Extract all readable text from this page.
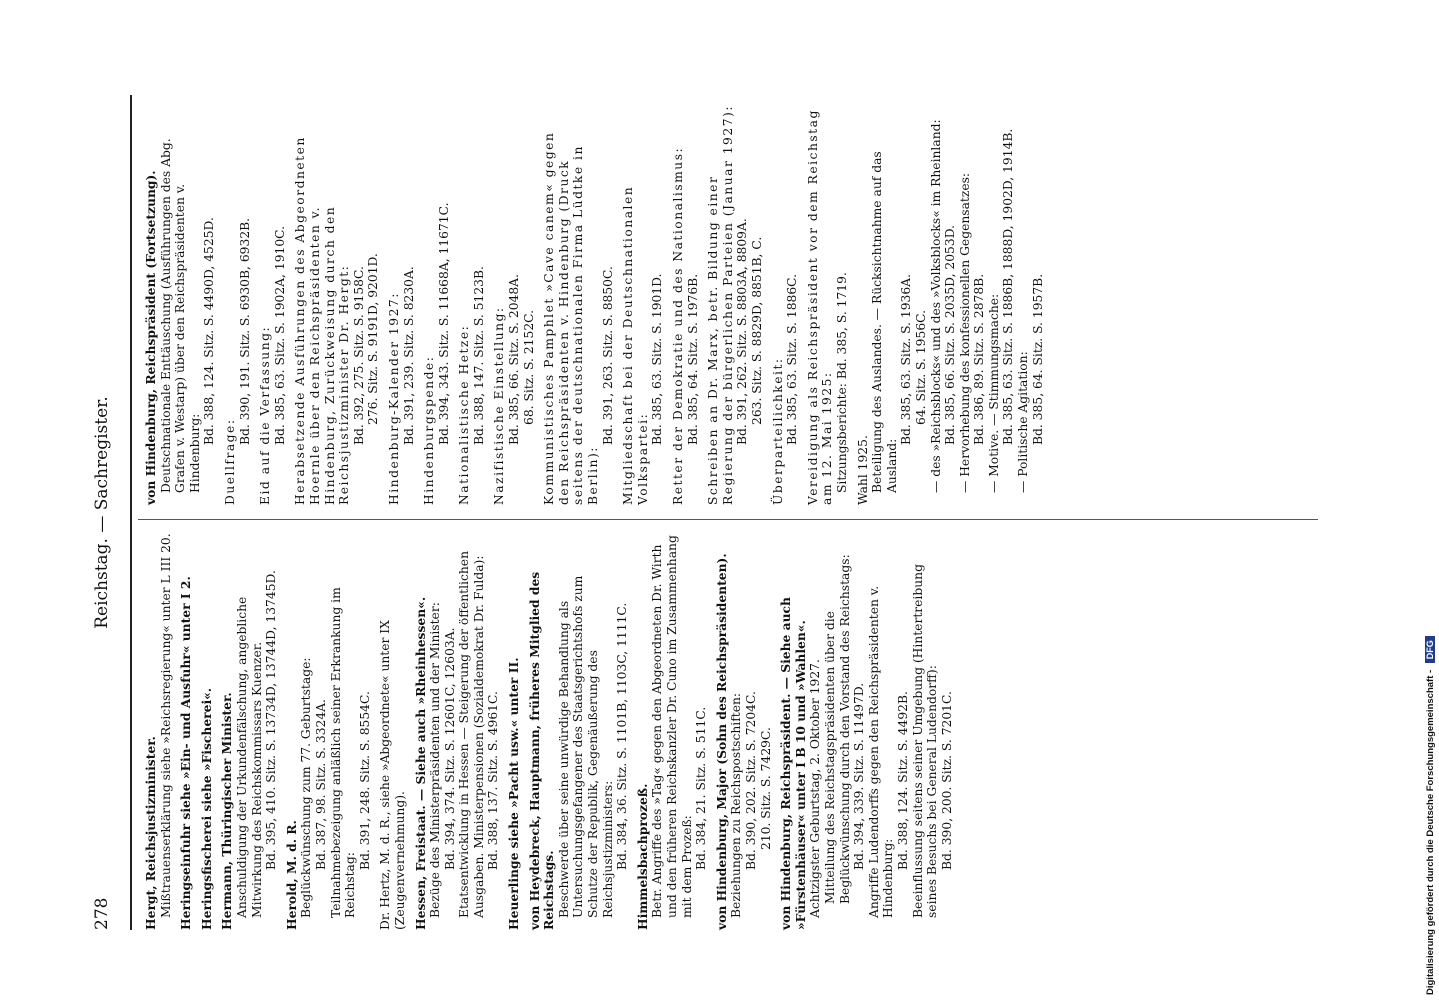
278
Reichstag. — Sachregister.
Hergt, Reichsjustizminister. Mißtrauenserklärung siehe »Reichsregierung« unter L III 20. Heringseinfuhr siehe »Ein- und Ausfuhr« unter I 2. Heringsfischerei siehe »Fischerei«. Hermann, Thüringischer Minister. Anschuldigung der Urkundenfälschung, angebliche Mitwirkung des Reichskommissars Kuenzer. Bd. 395, 410. Sitz. S. 13734D, 13744D, 13745D.
Herold, M. d. R. Beglückwünschung zum 77. Geburtstage: Bd. 387, 98. Sitz. S. 3324A. Teilnahmebezeigung anläßlich seiner Erkrankung im Reichstag:
Bd. 391, 248. Sitz. S. 8554C. Dr. Hertz, M. d. R., siehe »Abgeordnete« unter IX (Zeugenvernehmung). Hessen, Freistaat. — Siehe auch »Rheinhessen«. Bezüge des Ministerpräsidenten und der Minister: Bd. 394, 374. Sitz. S. 12601C, 12603A. Etatsentwicklung in Hessen — Steigerung der öffentlichen Ausgaben. Ministerpensionen (Sozialdemokrat Dr. Fulda): Bd. 388, 137. Sitz. S. 4961C. Heuerlinge siehe »Pacht usw.« unter II. von Heydebreck, Hauptmann, früheres Mitglied des Reichstags. Beschwerde über seine unwürdige Behandlung als Untersuchungsgefangener des Staatsgerichtshofs zum Schutze der Republik, Gegenäußerung des Reichsjustizministers: Bd. 384, 36. Sitz. S. 1101B, 1103C, 1111C. Himmelsbachprozeß. Betr. Angriffe des »Tag« gegen den Abgeordneten Dr. Wirth und den früheren Reichskanzler Dr. Cuno im Zusammenhang mit dem Prozeß: Bd. 384, 21. Sitz. S. 511C. von Hindenburg, Major (Sohn des Reichspräsidenten). Beziehungen zu Reichspostschiften: Bd. 390, 202. Sitz. S. 7204C. 210. Sitz. S. 7429C. von Hindenburg, Reichspräsident. — Siehe auch »Fürstenhäuser« unter I B 10 und »Wahlen«. Achtzigster Geburtstag, 2. Oktober 1927. Mitteilung des Reichstagspräsidenten über die Beglückwünschung durch den Vorstand des Reichstags: Bd. 394, 339. Sitz. S. 11497D. Angriffe Ludendorffs gegen den Reichspräsidenten v. Hindenburg:
Bd. 388, 124. Sitz. S. 4492B. Beeinflussung seitens seiner Umgebung (Hintertreibung seines Besuchs bei General Ludendorff): Bd. 390, 200. Sitz. S. 7201C.
von Hindenburg, Reichspräsident (Fortsetzung). Deutschnationale Enttäuschung (Ausführungen des Abg. Grafen v. Westarp) über den Reichspräsidenten v. Hindenburg:
Bd. 388, 124. Sitz. S. 4490D, 4525D.
Duellfrage:
Bd. 390, 191. Sitz. S. 6930B, 6932B. Eid auf die Verfassung: Bd. 385, 63. Sitz. S. 1902A, 1910C. Herabsetzende Ausführungen des Abgeordneten Hoernle über den Reichspräsidenten v. Hindenburg, Zurückweisung durch den Reichsjustizminister Dr. Hergt: Bd. 392, 275. Sitz. S. 9158C. 276. Sitz. S. 9191D, 9201D. Hindenburg-Kalender 1927: Bd. 391, 239. Sitz. S. 8230A. Hindenburgspende: Bd. 394, 343. Sitz. S. 11668A, 11671C. Nationalistische Hetze: Bd. 388, 147. Sitz. S. 5123B. Nazifistische Einstellung: Bd. 385, 66. Sitz. S. 2048A. 68. Sitz. S. 2152C. Kommunistisches Pamphlet »Cave canem« gegen den Reichspräsidenten v. Hindenburg (Druck seitens der deutschnationalen Firma Lüdtke in Berlin):
Bd. 391, 263. Sitz. S. 8850C. Mitgliedschaft bei der Deutschnationalen Volkspartei:
Bd. 385, 63. Sitz. S. 1901D. Retter der Demokratie und des Nationalismus: Bd. 385, 64. Sitz. S. 1976B. Schreiben an Dr. Marx, betr. Bildung einer Regierung der bürgerlichen Parteien (Januar 1927): Bd. 391, 262. Sitz. S. 8803A, 8809A. 263. Sitz. S. 8829D, 8851B, C.
Überparteilichkeit: Bd. 385, 63. Sitz. S. 1886C. Vereidigung als Reichspräsident vor dem Reichstag am 12. Mai 1925: Sitzungsberichte: Bd. 385, S. 1719. Wahl 1925. Beteiligung des Auslandes. — Rücksichtnahme auf das Ausland:
Bd. 385, 63. Sitz. S. 1936A. 64. Sitz. S. 1956C. — des »Reichsblocks« und des »Volksblocks« im Rheinland: Bd. 385, 66. Sitz. S. 2035D, 2053D. — Hervorhebung des konfessionellen Gegensatzes: Bd. 386, 89. Sitz. S. 2878B. — Motive. — Stimmungsmache: Bd. 385, 63. Sitz. S. 1886B, 1888D, 1902D, 1914B. — Politische Agitation: Bd. 385, 64. Sitz. S. 1957B.
Digitalisierung gefördert durch die Deutsche Forschungsgemeinschaft - DFG
